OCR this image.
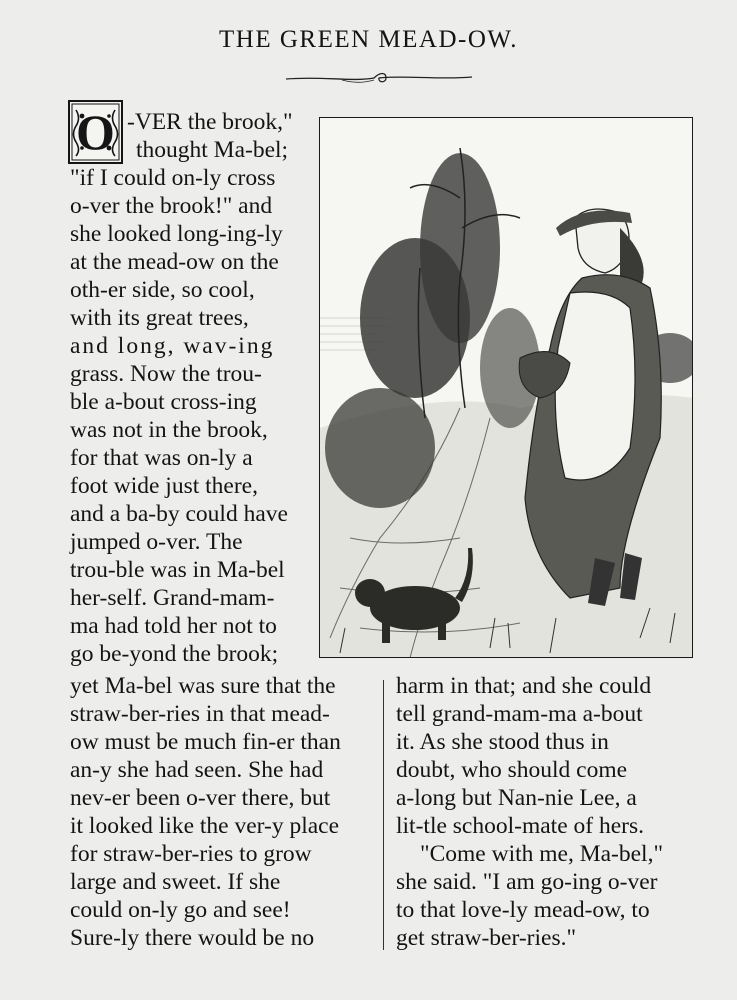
THE GREEN MEAD-OW.
O -VER the brook,"
thought Ma-bel;
"if I could on-ly cross
o-ver the brook!" and
she looked long-ing-ly
at the mead-ow on the
oth-er side, so cool,
with its great trees,
and long, wav-ing
grass. Now the trou-
ble a-bout cross-ing
was not in the brook,
for that was on-ly a
foot wide just there,
and a ba-by could have
jumped o-ver. The
trou-ble was in Ma-bel
her-self. Grand-mam-
ma had told her not to
go be-yond the brook;
yet Ma-bel was sure that the
straw-ber-ries in that mead-
ow must be much fin-er than
an-y she had seen. She had
nev-er been o-ver there, but
it looked like the ver-y place
for straw-ber-ries to grow
large and sweet. If she
could on-ly go and see!
Sure-ly there would be no
harm in that; and she could
tell grand-mam-ma a-bout
it. As she stood thus in
doubt, who should come
a-long but Nan-nie Lee, a
lit-tle school-mate of hers.
"Come with me, Ma-bel,"
she said. "I am go-ing o-ver
to that love-ly mead-ow, to
get straw-ber-ries."
